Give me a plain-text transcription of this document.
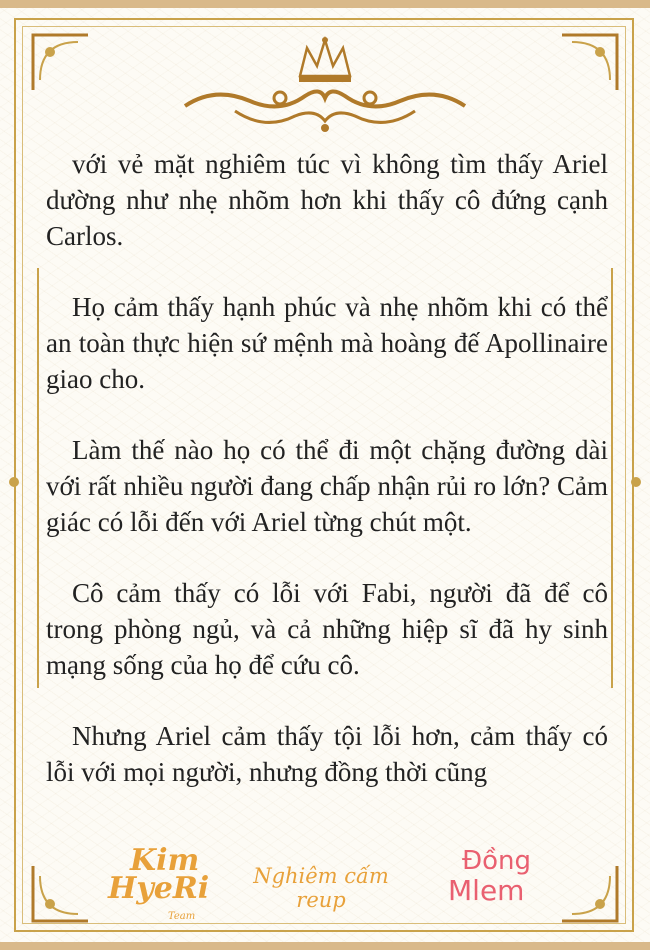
với vẻ mặt nghiêm túc vì không tìm thấy Ariel dường như nhẹ nhõm hơn khi thấy cô đứng cạnh Carlos.

Họ cảm thấy hạnh phúc và nhẹ nhõm khi có thể an toàn thực hiện sứ mệnh mà hoàng đế Apollinaire giao cho.

Làm thế nào họ có thể đi một chặng đường dài với rất nhiều người đang chấp nhận rủi ro lớn? Cảm giác có lỗi đến với Ariel từng chút một.

Cô cảm thấy có lỗi với Fabi, người đã để cô trong phòng ngủ, và cả những hiệp sĩ đã hy sinh mạng sống của họ để cứu cô.

Nhưng Ariel cảm thấy tội lỗi hơn, cảm thấy có lỗi với mọi người, nhưng đồng thời cũng

Kim
HyeRi
Team
Nghiêm cấm reup
Đồng
Mlem
